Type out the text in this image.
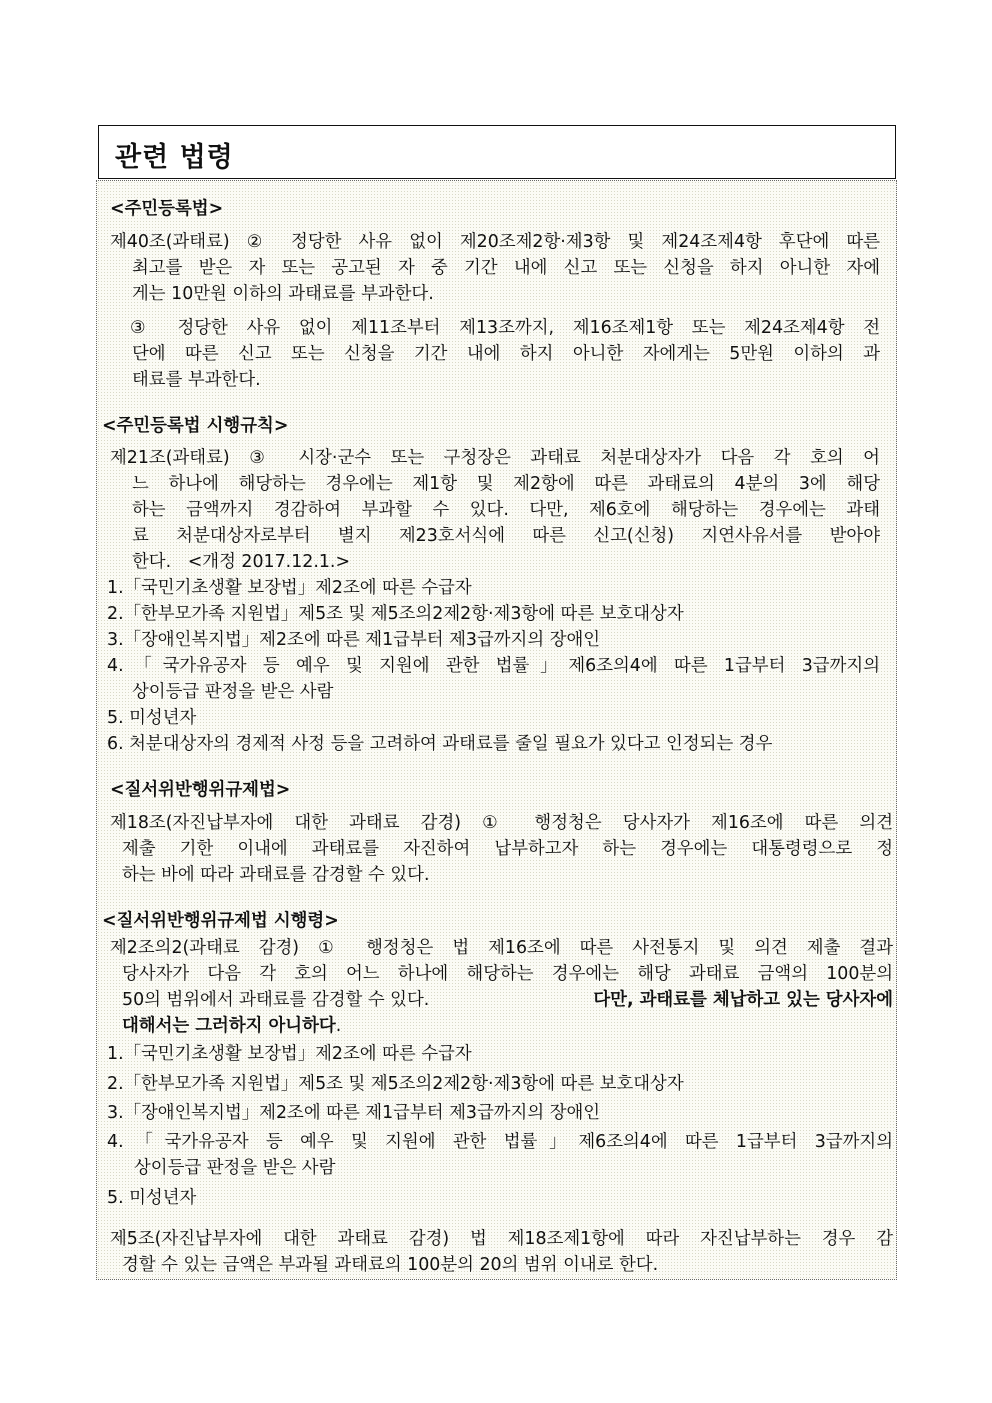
관련 법령
<주민등록법>
제40조(과태료) ② 정당한 사유 없이 제20조제2항·제3항 및 제24조제4항 후단에 따른
최고를 받은 자 또는 공고된 자 중 기간 내에 신고 또는 신청을 하지 아니한 자에
게는 10만원 이하의 과태료를 부과한다.
③ 정당한 사유 없이 제11조부터 제13조까지, 제16조제1항 또는 제24조제4항 전
단에 따른 신고 또는 신청을 기간 내에 하지 아니한 자에게는 5만원 이하의 과
태료를 부과한다.
<주민등록법 시행규칙>
제21조(과태료) ③ 시장·군수 또는 구청장은 과태료 처분대상자가 다음 각 호의 어
느 하나에 해당하는 경우에는 제1항 및 제2항에 따른 과태료의 4분의 3에 해당
하는 금액까지 경감하여 부과할 수 있다. 다만, 제6호에 해당하는 경우에는 과태
료 처분대상자로부터 별지 제23호서식에 따른 신고(신청) 지연사유서를 받아야
한다.   <개정 2017.12.1.>
1.「국민기초생활 보장법」제2조에 따른 수급자
2.「한부모가족 지원법」제5조 및 제5조의2제2항·제3항에 따른 보호대상자
3.「장애인복지법」제2조에 따른 제1급부터 제3급까지의 장애인
4.「국가유공자 등 예우 및 지원에 관한 법률」제6조의4에 따른 1급부터 3급까지의
상이등급 판정을 받은 사람
5. 미성년자
6. 처분대상자의 경제적 사정 등을 고려하여 과태료를 줄일 필요가 있다고 인정되는 경우
<질서위반행위규제법>
제18조(자진납부자에 대한 과태료 감경) ① 행정청은 당사자가 제16조에 따른 의견
제출 기한 이내에 과태료를 자진하여 납부하고자 하는 경우에는 대통령령으로 정
하는 바에 따라 과태료를 감경할 수 있다.
<질서위반행위규제법 시행령>
제2조의2(과태료 감경) ① 행정청은 법 제16조에 따른 사전통지 및 의견 제출 결과
당사자가 다음 각 호의 어느 하나에 해당하는 경우에는 해당 과태료 금액의 100분의
50의 범위에서 과태료를 감경할 수 있다.	다만, 과태료를 체납하고 있는 당사자에
대해서는 그러하지 아니하다.
1.「국민기초생활 보장법」제2조에 따른 수급자
2.「한부모가족 지원법」제5조 및 제5조의2제2항·제3항에 따른 보호대상자
3.「장애인복지법」제2조에 따른 제1급부터 제3급까지의 장애인
4.「국가유공자 등 예우 및 지원에 관한 법률」제6조의4에 따른 1급부터 3급까지의
상이등급 판정을 받은 사람
5. 미성년자
제5조(자진납부자에 대한 과태료 감경) 법 제18조제1항에 따라 자진납부하는 경우 감
경할 수 있는 금액은 부과될 과태료의 100분의 20의 범위 이내로 한다.
